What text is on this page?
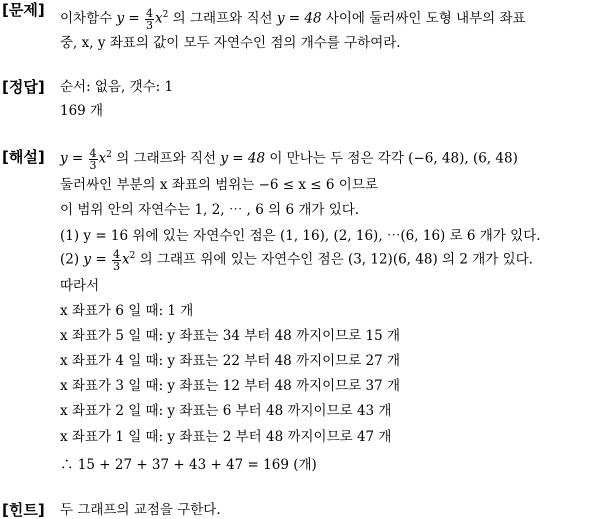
[문제] 이차함수 $y = \frac{4}{3} x^2$ 의 그래프와 직선 y = 48 사이에 둘러싸인 도형 내부의 좌표
중, x, y 좌표의 값이 모두 자연수인 점의 개수를 구하여라.
[정답] 순서: 없음, 갯수: 1
169 개
[해설] $y = \frac{4}{3} x^2$ 의 그래프와 직선 y = 48 이 만나는 두 점은 각각 (−6, 48), (6, 48)
둘러싸인 부분의 x 좌표의 범위는 −6 ≤ x ≤ 6 이므로
이 범위 안의 자연수는 1, 2, ⋯ , 6 의 6 개가 있다.
(1) y = 16 위에 있는 자연수인 점은 (1, 16), (2, 16), ⋯(6, 16) 로 6 개가 있다.
(2) $y = \frac{4}{3} x^2$ 의 그래프 위에 있는 자연수인 점은 (3, 12)(6, 48) 의 2 개가 있다.
따라서
x 좌표가 6 일 때: 1 개
x 좌표가 5 일 때: y 좌표는 34 부터 48 까지이므로 15 개
x 좌표가 4 일 때: y 좌표는 22 부터 48 까지이므로 27 개
x 좌표가 3 일 때: y 좌표는 12 부터 48 까지이므로 37 개
x 좌표가 2 일 때: y 좌표는 6 부터 48 까지이므로 43 개
x 좌표가 1 일 때: y 좌표는 2 부터 48 까지이므로 47 개
∴ 15 + 27 + 37 + 43 + 47 = 169 (개)
[힌트] 두 그래프의 교점을 구한다.
